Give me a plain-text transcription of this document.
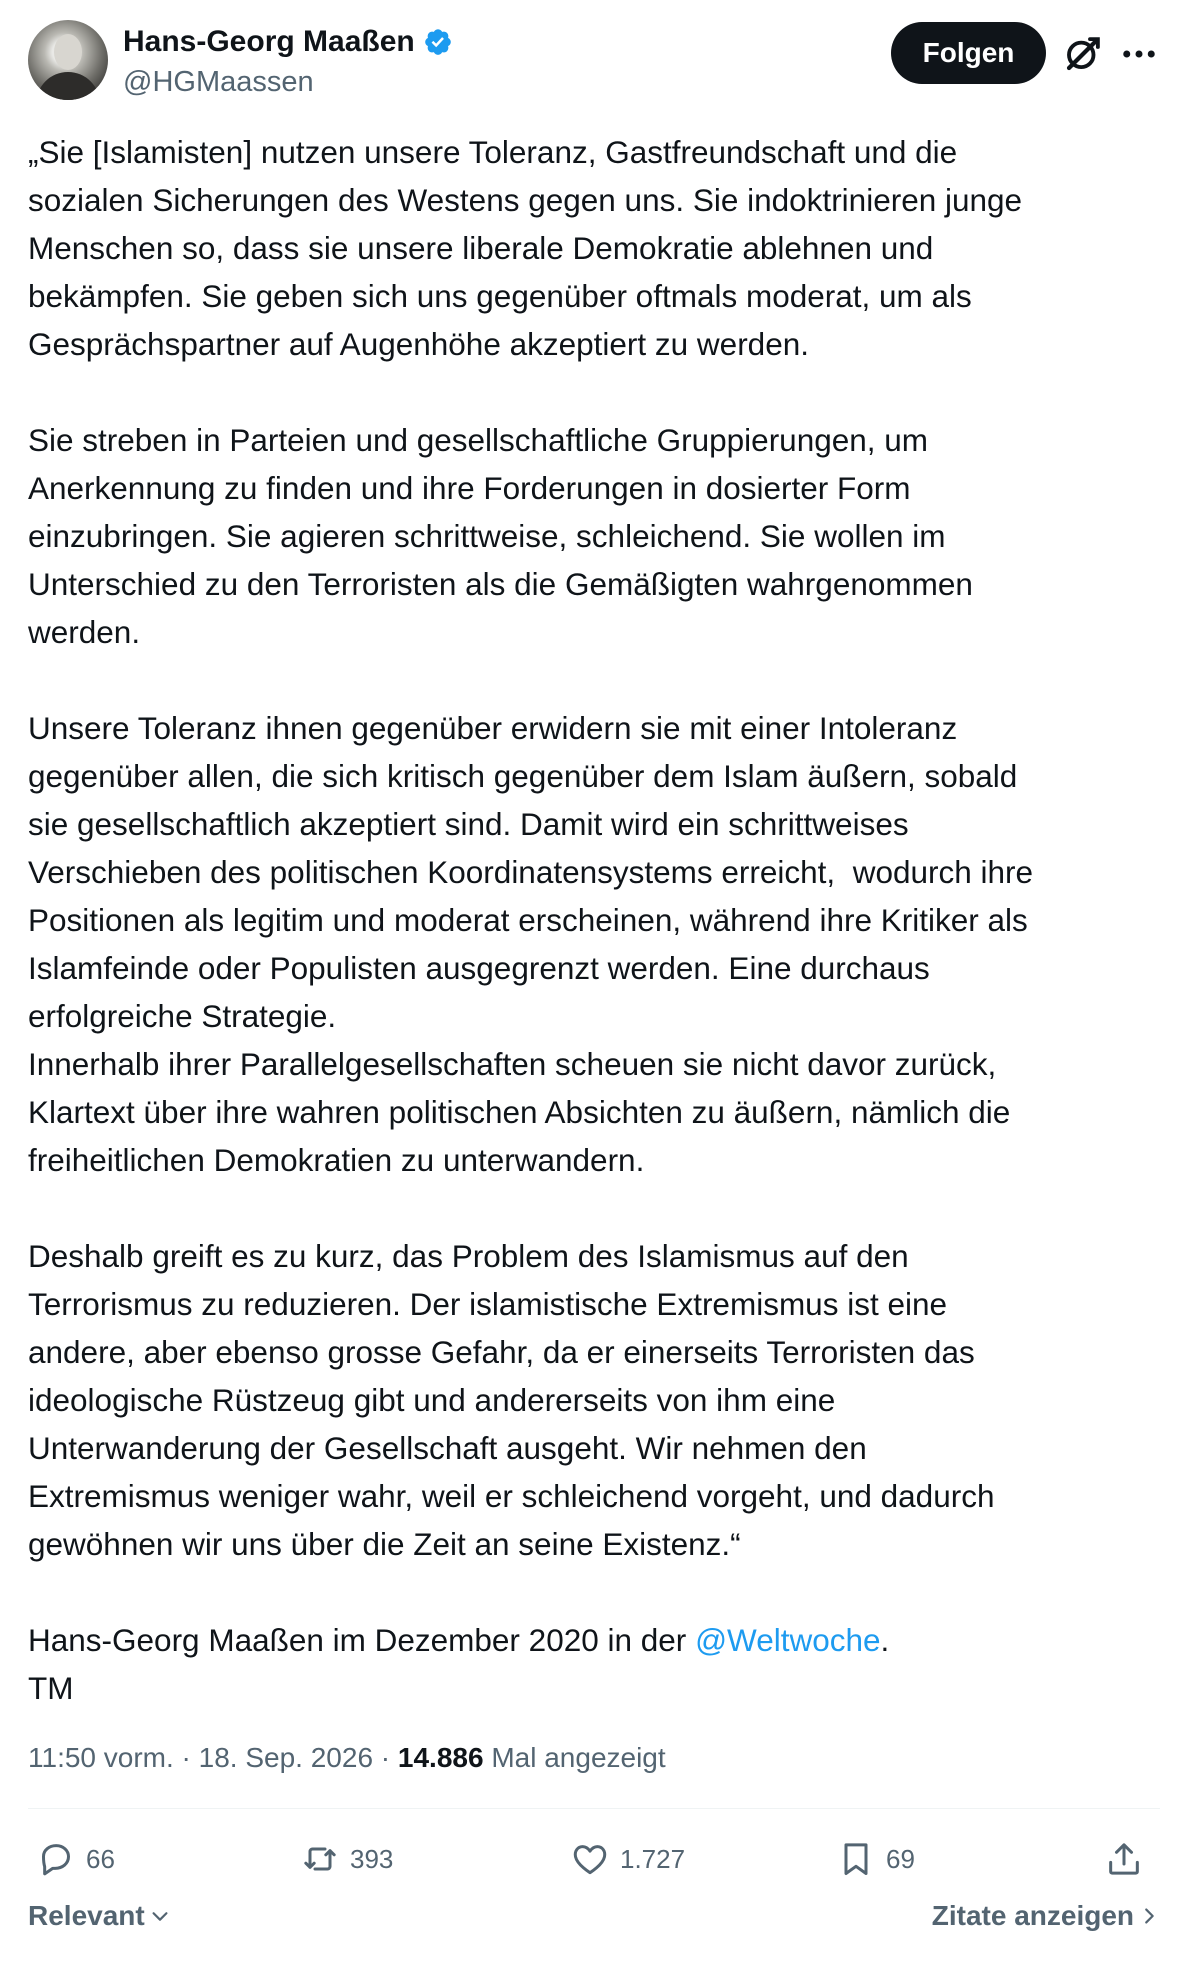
Hans-Georg Maaßen
@HGMaassen
Folgen
„Sie [Islamisten] nutzen unsere Toleranz, Gastfreundschaft und die
sozialen Sicherungen des Westens gegen uns. Sie indoktrinieren junge
Menschen so, dass sie unsere liberale Demokratie ablehnen und
bekämpfen. Sie geben sich uns gegenüber oftmals moderat, um als
Gesprächspartner auf Augenhöhe akzeptiert zu werden.

Sie streben in Parteien und gesellschaftliche Gruppierungen, um
Anerkennung zu finden und ihre Forderungen in dosierter Form
einzubringen. Sie agieren schrittweise, schleichend. Sie wollen im
Unterschied zu den Terroristen als die Gemäßigten wahrgenommen
werden.

Unsere Toleranz ihnen gegenüber erwidern sie mit einer Intoleranz
gegenüber allen, die sich kritisch gegenüber dem Islam äußern, sobald
sie gesellschaftlich akzeptiert sind. Damit wird ein schrittweises
Verschieben des politischen Koordinatensystems erreicht,  wodurch ihre
Positionen als legitim und moderat erscheinen, während ihre Kritiker als
Islamfeinde oder Populisten ausgegrenzt werden. Eine durchaus
erfolgreiche Strategie.
Innerhalb ihrer Parallelgesellschaften scheuen sie nicht davor zurück,
Klartext über ihre wahren politischen Absichten zu äußern, nämlich die
freiheitlichen Demokratien zu unterwandern.

Deshalb greift es zu kurz, das Problem des Islamismus auf den
Terrorismus zu reduzieren. Der islamistische Extremismus ist eine
andere, aber ebenso grosse Gefahr, da er einerseits Terroristen das
ideologische Rüstzeug gibt und andererseits von ihm eine
Unterwanderung der Gesellschaft ausgeht. Wir nehmen den
Extremismus weniger wahr, weil er schleichend vorgeht, und dadurch
gewöhnen wir uns über die Zeit an seine Existenz.“

Hans-Georg Maaßen im Dezember 2020 in der @Weltwoche.
TM
11:50 vorm. · 18. Sep. 2026 · 14.886 Mal angezeigt
66	393	1.727	69
Relevant	Zitate anzeigen
